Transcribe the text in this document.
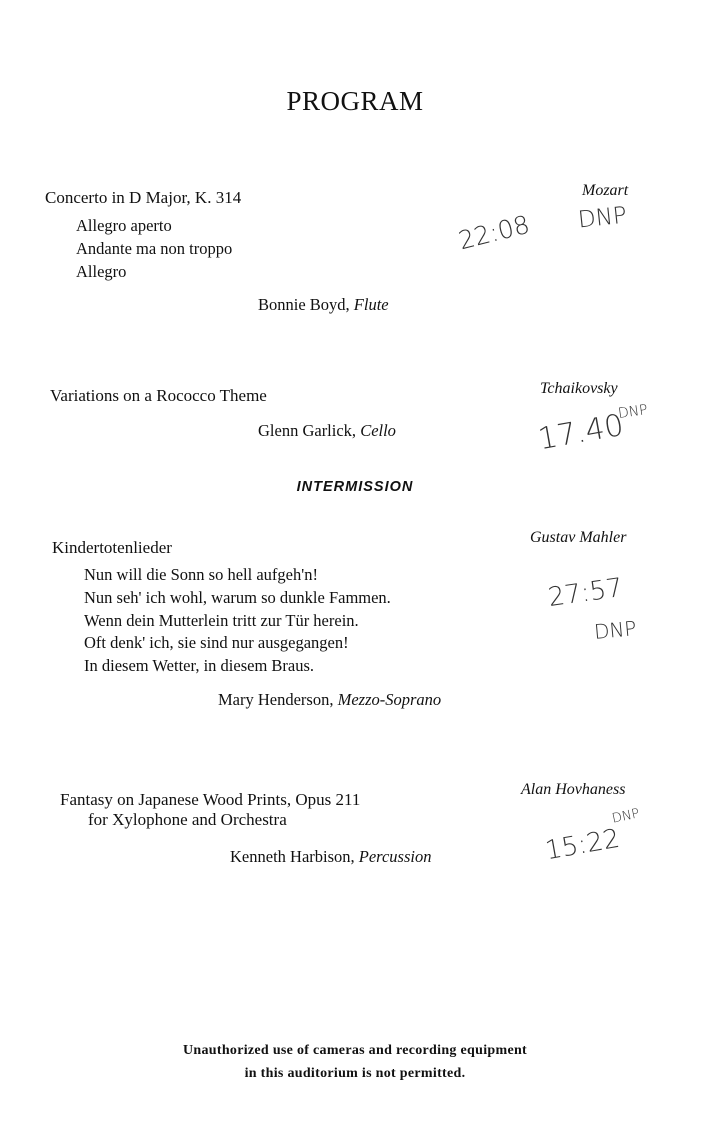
PROGRAM
Concerto in D Major, K. 314	Mozart
Allegro aperto
Andante ma non troppo
Allegro
Bonnie Boyd, Flute
22:08 DNP
Variations on a Rococco Theme	Tchaikovsky
Glenn Garlick, Cello	17.40
DNP
INTERMISSION
Kindertotenlieder
Gustav Mahler
Nun will die Sonn so hell aufgeh'n!
Nun seh' ich wohl, warum so dunkle Fammen.
Wenn dein Mutterlein tritt zur Tür herein.
Oft denk' ich, sie sind nur ausgegangen!
In diesem Wetter, in diesem Braus.
Mary Henderson, Mezzo-Soprano
27:57
DNP
Fantasy on Japanese Wood Prints, Opus 211
for Xylophone and Orchestra
Alan Hovhaness
Kenneth Harbison, Percussion	15:22
DNP
Unauthorized use of cameras and recording equipment
in this auditorium is not permitted.
